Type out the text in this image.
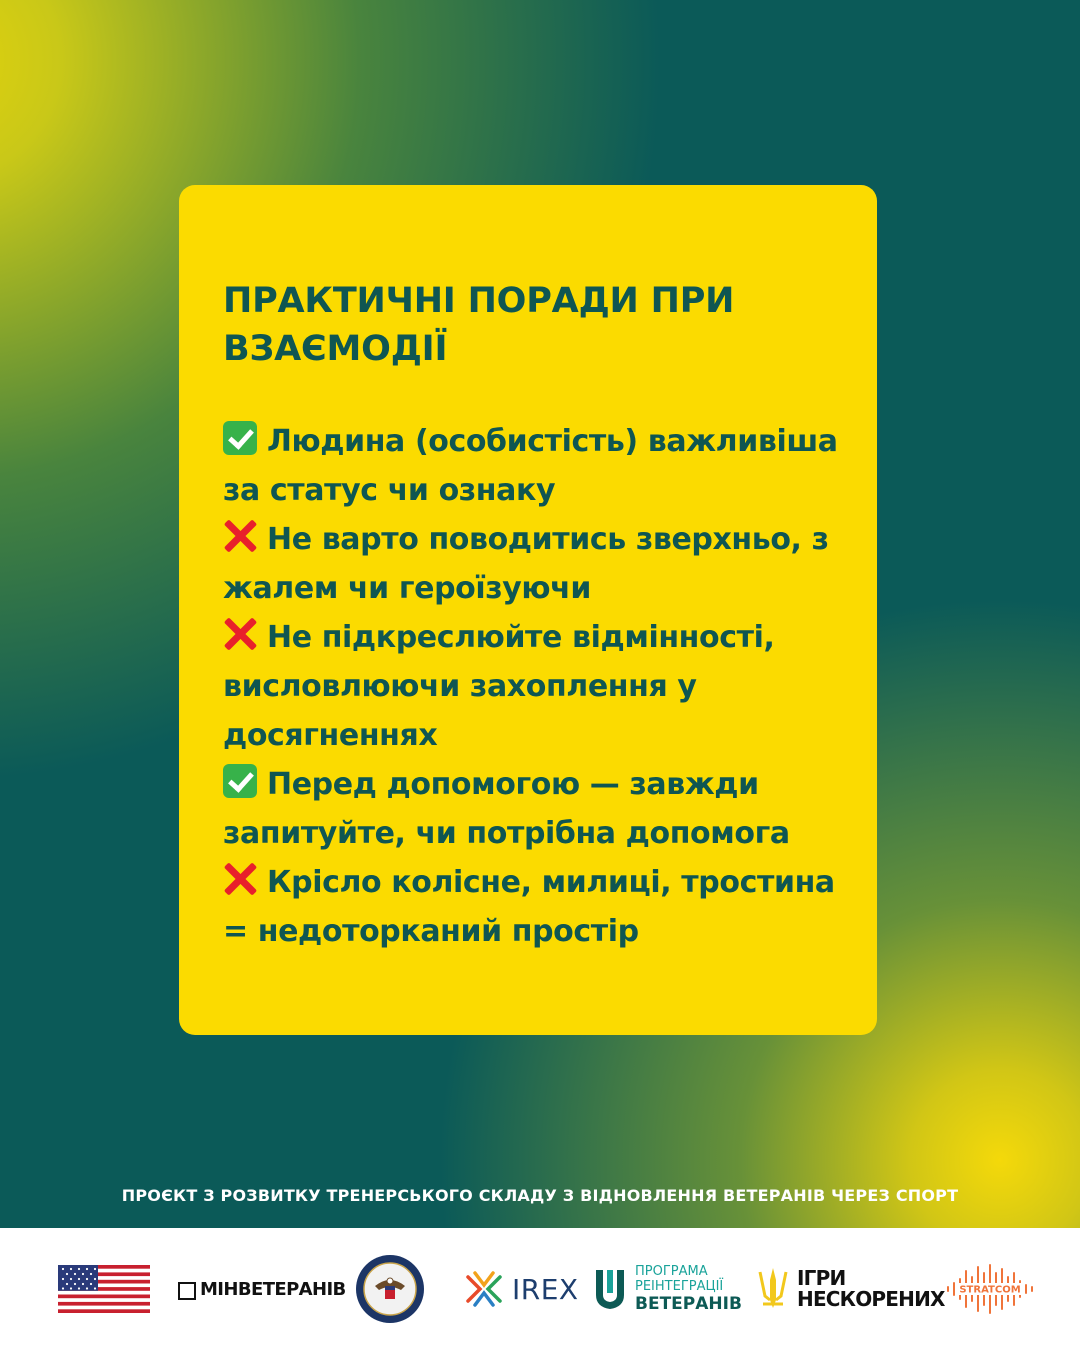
ПРАКТИЧНІ ПОРАДИ ПРИ ВЗАЄМОДІЇ
Людина (особистість) важливіша за статус чи ознаку
Не варто поводитись зверхньо, з жалем чи героїзуючи
Не підкреслюйте відмінності, висловлюючи захоплення у досягненнях
Перед допомогою — завжди запитуйте, чи потрібна допомога
Крісло колісне, милиці, тростина = недоторканий простір
ПРОЄКТ З РОЗВИТКУ ТРЕНЕРСЬКОГО СКЛАДУ З ВІДНОВЛЕННЯ ВЕТЕРАНІВ ЧЕРЕЗ СПОРТ
МІНВЕТЕРАНІВ	IREX
ПРОГРАМА
РЕІНТЕГРАЦІЇ
ВЕТЕРАНІВ
ІГРИ
НЕСКОРЕНИХ STRATCOM
